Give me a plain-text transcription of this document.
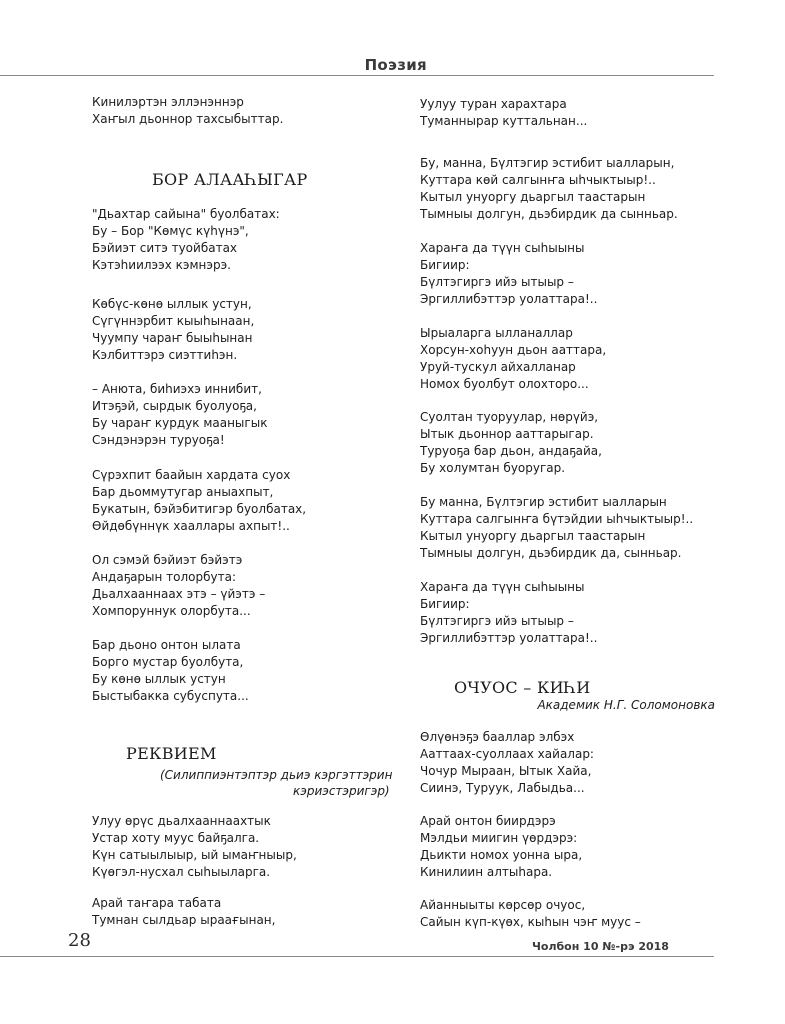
Поэзия
Кинилэртэн эллэнэннэр
Хаҥыл дьоннор тахсыбыттар.
БОР АЛААҺЫГАР
"Дьахтар сайына" буолбатах:
Бу – Бор "Көмүс күһүнэ",
Бэйиэт ситэ туойбатах
Кэтэһиилээх кэмнэрэ.
Көбүс-көнө ыллык устун,
Сүгүннэрбит кыыһынаан,
Чуумпу чараҥ быыһынан
Кэлбиттэрэ сиэттиһэн.
– Анюта, биһиэхэ иннибит,
Итэҕэй, сырдык буолуоҕа,
Бу чараҥ курдук мааныгык
Сэндэнэрэн туруоҕа!
Сүрэхпит баайын хардата суох
Бар дьоммутугар аныахпыт,
Букатын, бэйэбитигэр буолбатах,
Өйдөбүннүк хааллары ахпыт!..
Ол сэмэй бэйиэт бэйэтэ
Андаҕарын толорбута:
Дьалхааннаах этэ – үйэтэ –
Хомпоруннук олорбута...
Бар дьоно онтон ылата
Борго мустар буолбута,
Бу көнө ыллык устун
Быстыбакка субуспута...
РЕКВИЕМ
(Силиппиэнтэптэр дьиэ кэргэттэрин
кэриэстэригэр)
Улуу өрүс дьалхааннаахтык
Устар хоту муус байҕалга.
Күн сатыылыыр, ый ымаҥныыр,
Күөгэл-нусхал сыһыыларга.
Арай таҥара табата
Тумнан сылдьар ыраағынан,
Уулуу туран харахтара
Туманнырар куттальнан...
Бу, манна, Бүлтэгир эстибит ыалларын,
Куттара көй салгынҥа ыһчыктыыр!..
Кытыл унуоргу дьаргыл таастарын
Тымныы долгун, дьэбирдик да сынньар.
Хараҥа да түүн сыһыыны
Бигиир:
Бүлтэгиргэ ийэ ытыыр –
Эргиллибэттэр уолаттара!..
Ырыаларга ылланаллар
Хорсун-хоһуун дьон ааттара,
Уруй-тускул айхалланар
Номох буолбут олохторо...
Суолтан туоруулар, нөрүйэ,
Ытык дьоннор ааттарыгар.
Туруоҕа бар дьон, андаҕайа,
Бу холумтан буоругар.
Бу манна, Бүлтэгир эстибит ыалларын
Куттара салгынҥа бүтэйдии ыһчыктыыр!..
Кытыл унуоргу дьаргыл таастарын
Тымныы долгун, дьэбирдик да, сынньар.
Хараҥа да түүн сыһыыны
Бигиир:
Бүлтэгиргэ ийэ ытыыр –
Эргиллибэттэр уолаттара!..
ОЧУОС – КИҺИ
Академик Н.Г. Соломоновка
Өлүөнэҕэ бааллар элбэх
Ааттаах-суоллаах хайалар:
Чочур Мыраан, Ытык Хайа,
Сиинэ, Туруук, Лабыдьа...
Арай онтон биирдэрэ
Мэлдьи миигин үөрдэрэ:
Дьикти номох уонна ыра,
Кинилиин алтыһара.
Айанныыты көрсөр очуос,
Сайын күп-күөх, кыһын чэҥ муус –
28	Чолбон 10 №-рэ 2018
